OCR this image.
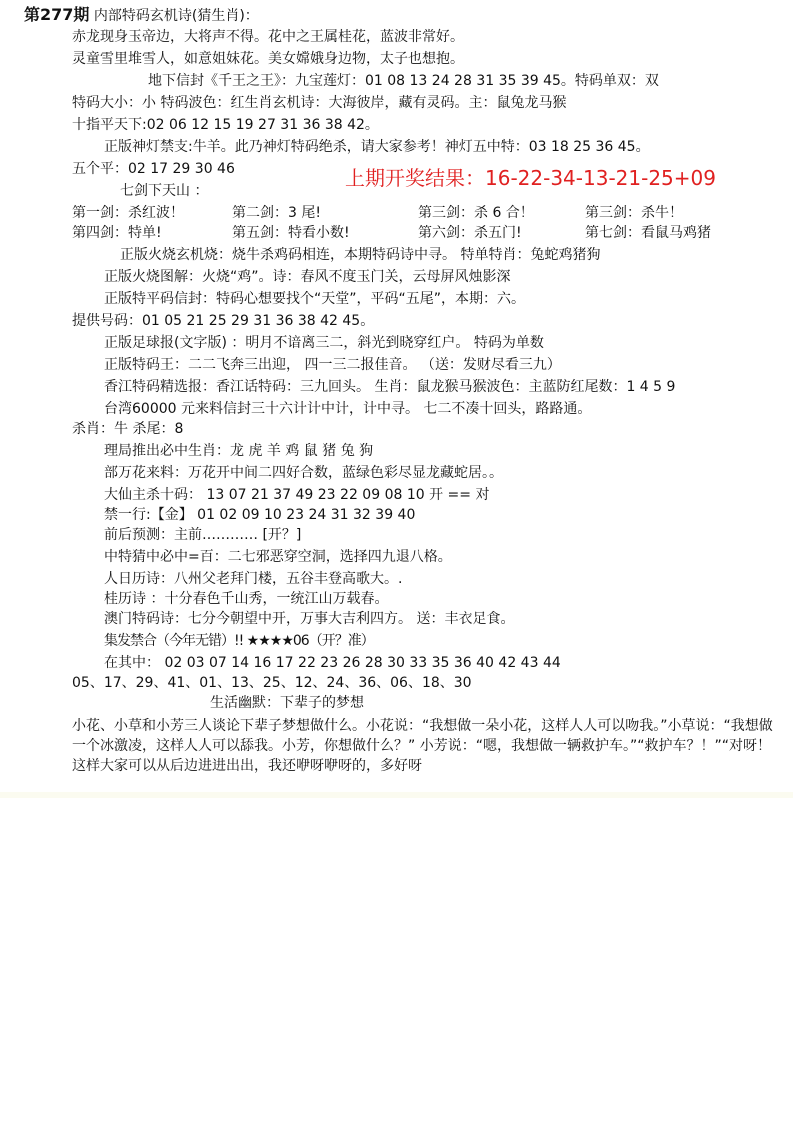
第277期 内部特码玄机诗(猜生肖)：
赤龙现身玉帝边，大将声不得。花中之王属桂花，蓝波非常好。
灵童雪里堆雪人，如意姐妹花。美女嫦娥身边物，太子也想抱。
地下信封《千王之王》：九宝莲灯：01 08 13 24 28 31 35 39 45。特码单双：双
特码大小：小 特码波色：红生肖玄机诗：大海彼岸，藏有灵码。主：鼠兔龙马猴
十指平天下:02 06 12 15 19 27 31 36 38 42。
正版神灯禁支:牛羊。此乃神灯特码绝杀，请大家参考！神灯五中特：03 18 25 36 45。
五个平：02 17 29 30 46	上期开奖结果：16-22-34-13-21-25+09
七剑下天山 ：
第一剑：杀红波！	第二剑：3 尾!	第三剑：杀 6 合！	第三剑：杀牛！
第四剑：特单!	第五剑：特看小数!	第六剑：杀五门!	第七剑：看鼠马鸡猪
正版火烧玄机烧：烧牛杀鸡码相连，本期特码诗中寻。 特单特肖：兔蛇鸡猪狗
正版火烧图解：火烧“鸡”。诗：春风不度玉门关，云母屏风烛影深
正版特平码信封：特码心想要找个“天堂”，平码“五尾”，本期：六。
提供号码：01 05 21 25 29 31 36 38 42 45。
正版足球报(文字版) ：明月不谙离三二，斜光到晓穿红户。 特码为单数
正版特码王：二二飞奔三出迎， 四一三二报佳音。 （送：发财尽看三九）
香江特码精选报：香江话特码：三九回头。 生肖：鼠龙猴马猴波色：主蓝防红尾数：1 4 5 9
台湾60000 元来料信封三十六计计中计，计中寻。 七二不凑十回头，路路通。
杀肖：牛 杀尾：8
理局推出必中生肖：龙 虎 羊 鸡 鼠 猪 兔 狗
部万花来料：万花开中间二四好合数，蓝绿色彩尽显龙藏蛇居。。
大仙主杀十码： 13 07 21 37 49 23 22 09 08 10 开 == 对
禁一行:【金】 01 02 09 10 23 24 31 32 39 40
前后预测：主前………… [开？]
中特猜中必中=百：二七邪恶穿空洞，选择四九退八格。
人日历诗：八州父老拜门楼，五谷丰登高歌大。.
桂历诗 ：十分春色千山秀，一统江山万载春。
澳门特码诗：七分今朝望中开，万事大吉利四方。 送：丰衣足食。
集发禁合（今年无错）!! ★★★★06（开？准）
在其中： 02 03 07 14 16 17 22 23 26 28 30 33 35 36 40 42 43 44
05、17、29、41、01、13、25、12、24、36、06、18、30
生活幽默：下辈子的梦想
小花、小草和小芳三人谈论下辈子梦想做什么。小花说：“我想做一朵小花，这样人人可以吻我。”小草说：“我想做一个冰激凌，这样人人可以舔我。小芳，你想做什么？” 小芳说：“嗯，我想做一辆救护车。”“救护车？！”“对呀！这样大家可以从后边进进出出，我还咿呀咿呀的，多好呀
